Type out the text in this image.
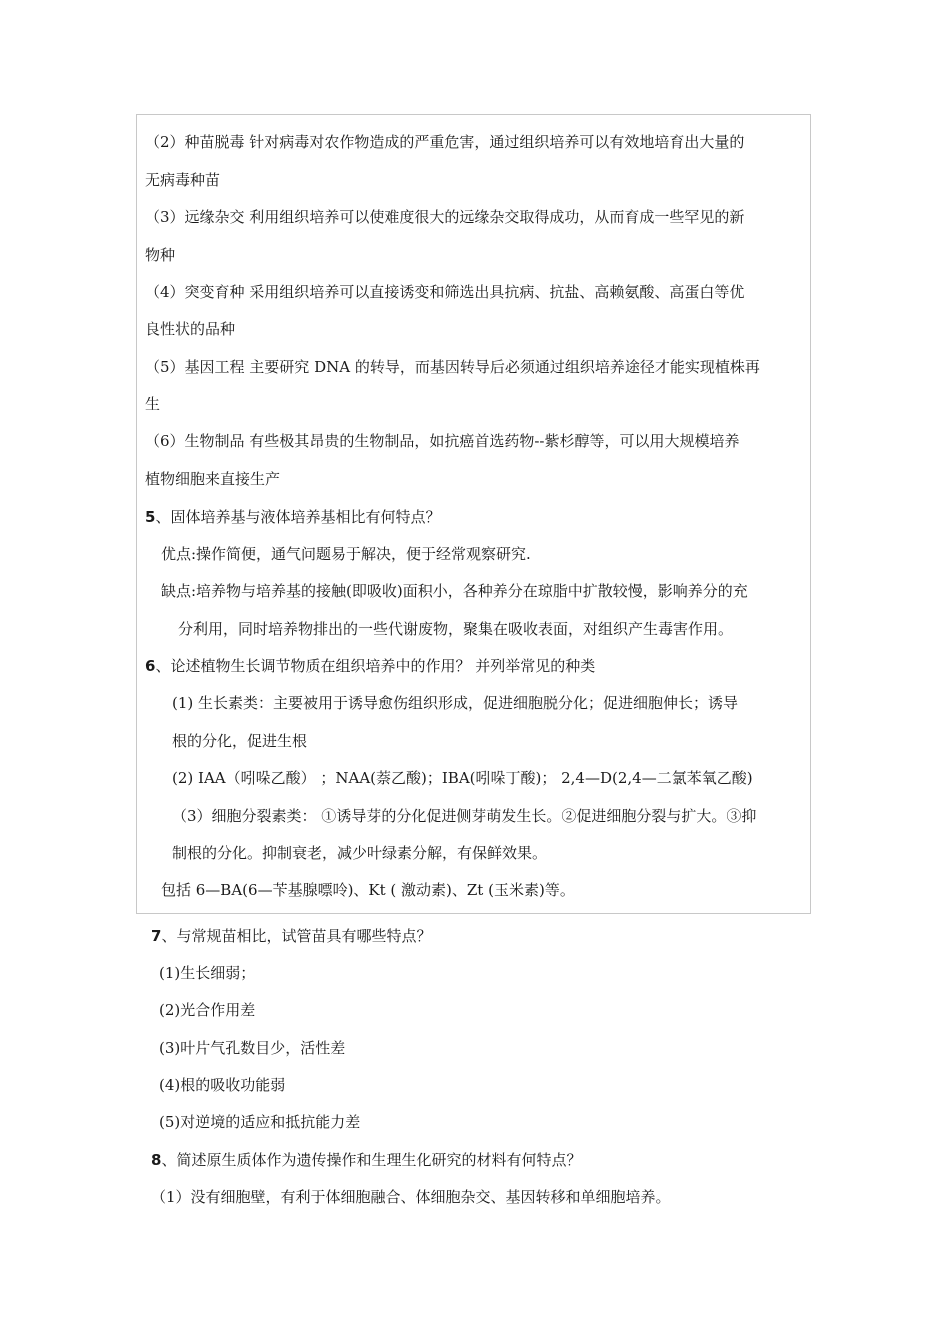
（2）种苗脱毒 针对病毒对农作物造成的严重危害，通过组织培养可以有效地培育出大量的
无病毒种苗
（3）远缘杂交 利用组织培养可以使难度很大的远缘杂交取得成功，从而育成一些罕见的新
物种
（4）突变育种 采用组织培养可以直接诱变和筛选出具抗病、抗盐、高赖氨酸、高蛋白等优
良性状的品种
（5）基因工程 主要研究 DNA 的转导，而基因转导后必须通过组织培养途径才能实现植株再
生
（6）生物制品 有些极其昂贵的生物制品，如抗癌首选药物--紫杉醇等，可以用大规模培养
植物细胞来直接生产
5、固体培养基与液体培养基相比有何特点？
优点:操作简便，通气问题易于解决，便于经常观察研究.
缺点:培养物与培养基的接触(即吸收)面积小，各种养分在琼脂中扩散较慢，影响养分的充
分利用，同时培养物排出的一些代谢废物，聚集在吸收表面，对组织产生毒害作用。
6、论述植物生长调节物质在组织培养中的作用？ 并列举常见的种类
(1) 生长素类：主要被用于诱导愈伤组织形成，促进细胞脱分化；促进细胞伸长；诱导
根的分化，促进生根
(2) IAA（吲哚乙酸） ；NAA(萘乙酸)；IBA(吲哚丁酸)； 2,4—D(2,4—二氯苯氧乙酸)
（3）细胞分裂素类： ①诱导芽的分化促进侧芽萌发生长。②促进细胞分裂与扩大。③抑
制根的分化。抑制衰老，减少叶绿素分解，有保鲜效果。
包括 6—BA(6—苄基腺嘌呤)、Kt ( 激动素)、Zt (玉米素)等。
7、与常规苗相比，试管苗具有哪些特点？
(1)生长细弱；
(2)光合作用差
(3)叶片气孔数目少，活性差
(4)根的吸收功能弱
(5)对逆境的适应和抵抗能力差
8、简述原生质体作为遗传操作和生理生化研究的材料有何特点？
（1）没有细胞壁，有利于体细胞融合、体细胞杂交、基因转移和单细胞培养。
